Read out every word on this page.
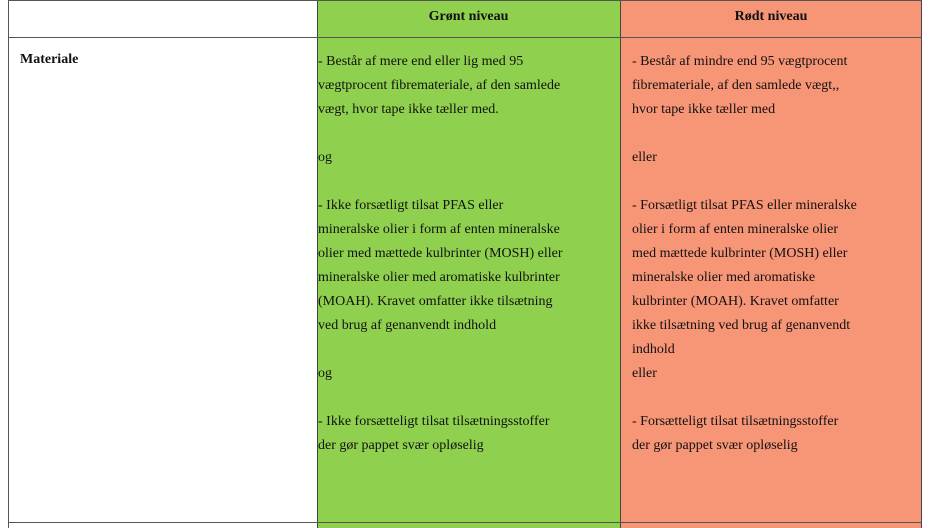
Grønt niveau	Rødt niveau
Materiale	- Består af mere end eller lig med 95
vægtprocent fibremateriale, af den samlede
vægt, hvor tape ikke tæller med.

og

- Ikke forsætligt tilsat PFAS eller
mineralske olier i form af enten mineralske
olier med mættede kulbrinter (MOSH) eller
mineralske olier med aromatiske kulbrinter
(MOAH). Kravet omfatter ikke tilsætning
ved brug af genanvendt indhold

og

- Ikke forsætteligt tilsat tilsætningsstoffer
der gør pappet svær opløselig
- Består af mindre end 95 vægtprocent
fibremateriale, af den samlede vægt,,
hvor tape ikke tæller med

eller

- Forsætligt tilsat PFAS eller mineralske
olier i form af enten mineralske olier
med mættede kulbrinter (MOSH) eller
mineralske olier med aromatiske
kulbrinter (MOAH). Kravet omfatter
ikke tilsætning ved brug af genanvendt
indhold
eller

- Forsætteligt tilsat tilsætningsstoffer
der gør pappet svær opløselig
